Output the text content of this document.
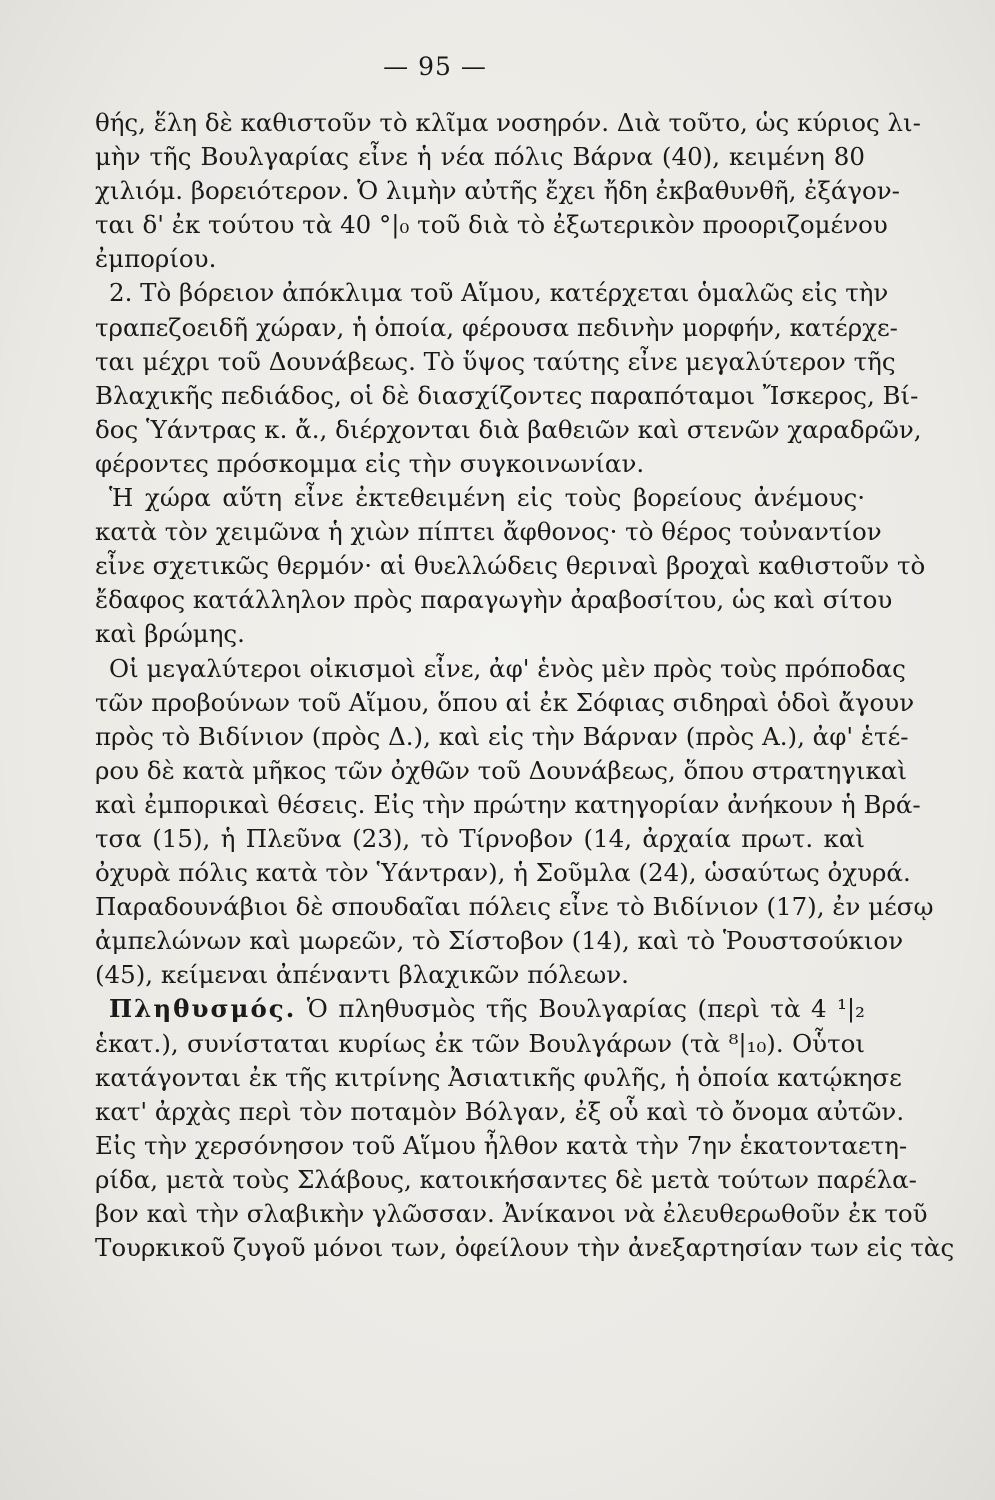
— 95 —
θής, ἕλη δὲ καθιστοῦν τὸ κλῖμα νοσηρόν. Διὰ τοῦτο, ὡς κύριος λι-
μὴν τῆς Βουλγαρίας εἶνε ἡ νέα πόλις Βάρνα (40), κειμένη 80
χιλιόμ. βορειότερον. Ὁ λιμὴν αὐτῆς ἔχει ἤδη ἐκβαθυνθῆ, ἐξάγον-
ται δ' ἐκ τούτου τὰ 40 °|₀ τοῦ διὰ τὸ ἐξωτερικὸν προοριζομένου
ἐμπορίου.
2. Τὸ βόρειον ἀπόκλιμα τοῦ Αἵμου, κατέρχεται ὁμαλῶς εἰς τὴν
τραπεζοειδῆ χώραν, ἡ ὁποία, φέρουσα πεδινὴν μορφήν, κατέρχε-
ται μέχρι τοῦ Δουνάβεως. Τὸ ὕψος ταύτης εἶνε μεγαλύτερον τῆς
Βλαχικῆς πεδιάδος, οἱ δὲ διασχίζοντες παραπόταμοι Ἴσκερος, Βί-
δος Ὑάντρας κ. ἄ., διέρχονται διὰ βαθειῶν καὶ στενῶν χαραδρῶν,
φέροντες πρόσκομμα εἰς τὴν συγκοινωνίαν.
Ἡ χώρα αὕτη εἶνε ἐκτεθειμένη εἰς τοὺς βορείους ἀνέμους·
κατὰ τὸν χειμῶνα ἡ χιὼν πίπτει ἄφθονος· τὸ θέρος τοὐναντίον
εἶνε σχετικῶς θερμόν· αἱ θυελλώδεις θεριναὶ βροχαὶ καθιστοῦν τὸ
ἔδαφος κατάλληλον πρὸς παραγωγὴν ἀραβοσίτου, ὡς καὶ σίτου
καὶ βρώμης.
Οἱ μεγαλύτεροι οἰκισμοὶ εἶνε, ἀφ' ἑνὸς μὲν πρὸς τοὺς πρόποδας
τῶν προβούνων τοῦ Αἵμου, ὅπου αἱ ἐκ Σόφιας σιδηραὶ ὁδοὶ ἄγουν
πρὸς τὸ Βιδίνιον (πρὸς Δ.), καὶ εἰς τὴν Βάρναν (πρὸς Α.), ἀφ' ἑτέ-
ρου δὲ κατὰ μῆκος τῶν ὀχθῶν τοῦ Δουνάβεως, ὅπου στρατηγικαὶ
καὶ ἐμπορικαὶ θέσεις. Εἰς τὴν πρώτην κατηγορίαν ἀνήκουν ἡ Βρά-
τσα (15), ἡ Πλεῦνα (23), τὸ Τίρνοβον (14, ἀρχαία πρωτ. καὶ
ὀχυρὰ πόλις κατὰ τὸν Ὑάντραν), ἡ Σοῦμλα (24), ὡσαύτως ὀχυρά.
Παραδουνάβιοι δὲ σπουδαῖαι πόλεις εἶνε τὸ Βιδίνιον (17), ἐν μέσῳ
ἀμπελώνων καὶ μωρεῶν, τὸ Σίστοβον (14), καὶ τὸ Ῥουστσούκιον
(45), κείμεναι ἀπέναντι βλαχικῶν πόλεων.
Πληθυσμός. Ὁ πληθυσμὸς τῆς Βουλγαρίας (περὶ τὰ 4 ¹|₂
ἑκατ.), συνίσταται κυρίως ἐκ τῶν Βουλγάρων (τὰ ⁸|₁₀). Οὗτοι
κατάγονται ἐκ τῆς κιτρίνης Ἀσιατικῆς φυλῆς, ἡ ὁποία κατῴκησε
κατ' ἀρχὰς περὶ τὸν ποταμὸν Βόλγαν, ἐξ οὗ καὶ τὸ ὄνομα αὐτῶν.
Εἰς τὴν χερσόνησον τοῦ Αἵμου ἦλθον κατὰ τὴν 7ην ἑκατονταετη-
ρίδα, μετὰ τοὺς Σλάβους, κατοικήσαντες δὲ μετὰ τούτων παρέλα-
βον καὶ τὴν σλαβικὴν γλῶσσαν. Ἀνίκανοι νὰ ἐλευθερωθοῦν ἐκ τοῦ
Τουρκικοῦ ζυγοῦ μόνοι των, ὀφείλουν τὴν ἀνεξαρτησίαν των εἰς τὰς
